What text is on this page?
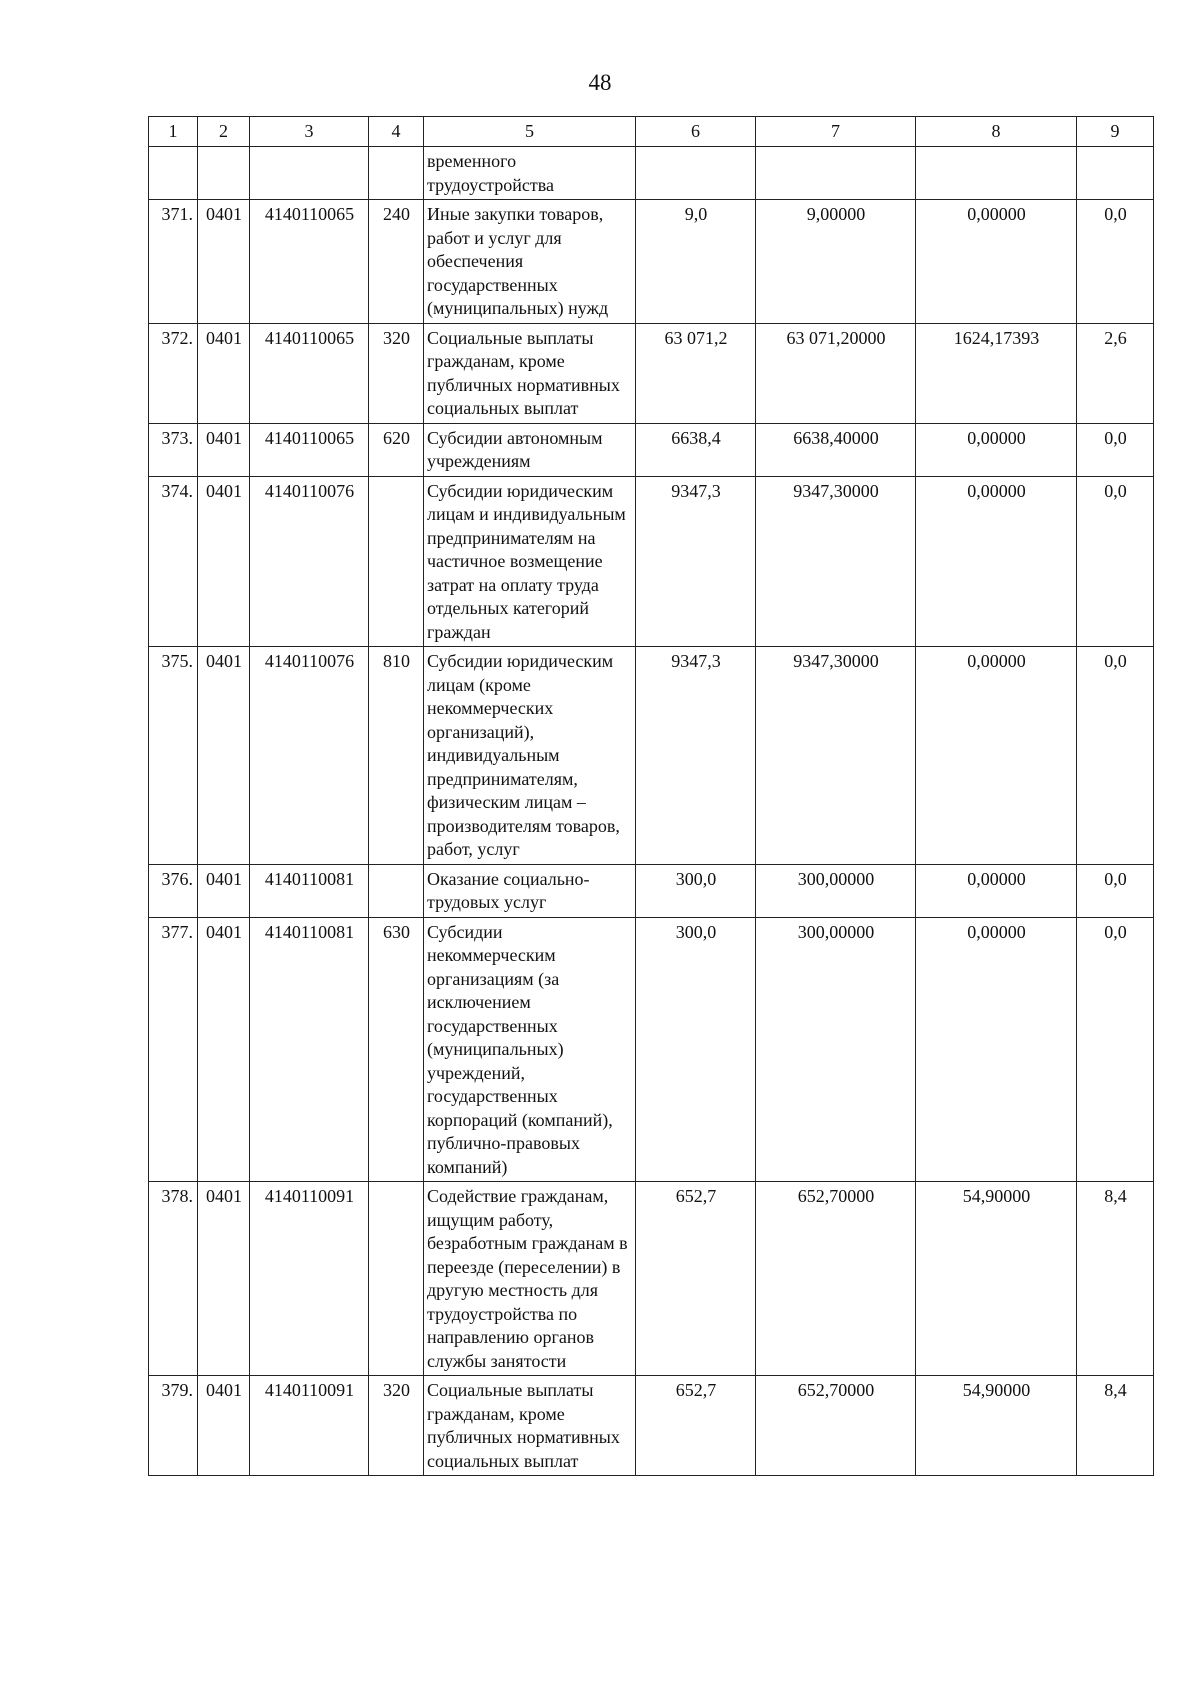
48
1	2	3	4	5	6	7	8	9
				временного трудоустройства				
371.	0401	4140110065	240	Иные закупки товаров, работ и услуг для обеспечения государственных (муниципальных) нужд	9,0	9,00000	0,00000	0,0
372.	0401	4140110065	320	Социальные выплаты гражданам, кроме публичных нормативных социальных выплат	63 071,2	63 071,20000	1624,17393	2,6
373.	0401	4140110065	620	Субсидии автономным учреждениям	6638,4	6638,40000	0,00000	0,0
374.	0401	4140110076		Субсидии юридическим лицам и индивидуальным предпринимателям на частичное возмещение затрат на оплату труда отдельных категорий граждан	9347,3	9347,30000	0,00000	0,0
375.	0401	4140110076	810	Субсидии юридическим лицам (кроме некоммерческих организаций), индивидуальным предпринимателям, физическим лицам – производителям товаров, работ, услуг	9347,3	9347,30000	0,00000	0,0
376.	0401	4140110081		Оказание социально-трудовых услуг	300,0	300,00000	0,00000	0,0
377.	0401	4140110081	630	Субсидии некоммерческим организациям (за исключением государственных (муниципальных) учреждений, государственных корпораций (компаний), публично-правовых компаний)	300,0	300,00000	0,00000	0,0
378.	0401	4140110091		Содействие гражданам, ищущим работу, безработным гражданам в переезде (переселении) в другую местность для трудоустройства по направлению органов службы занятости	652,7	652,70000	54,90000	8,4
379.	0401	4140110091	320	Социальные выплаты гражданам, кроме публичных нормативных социальных выплат	652,7	652,70000	54,90000	8,4
